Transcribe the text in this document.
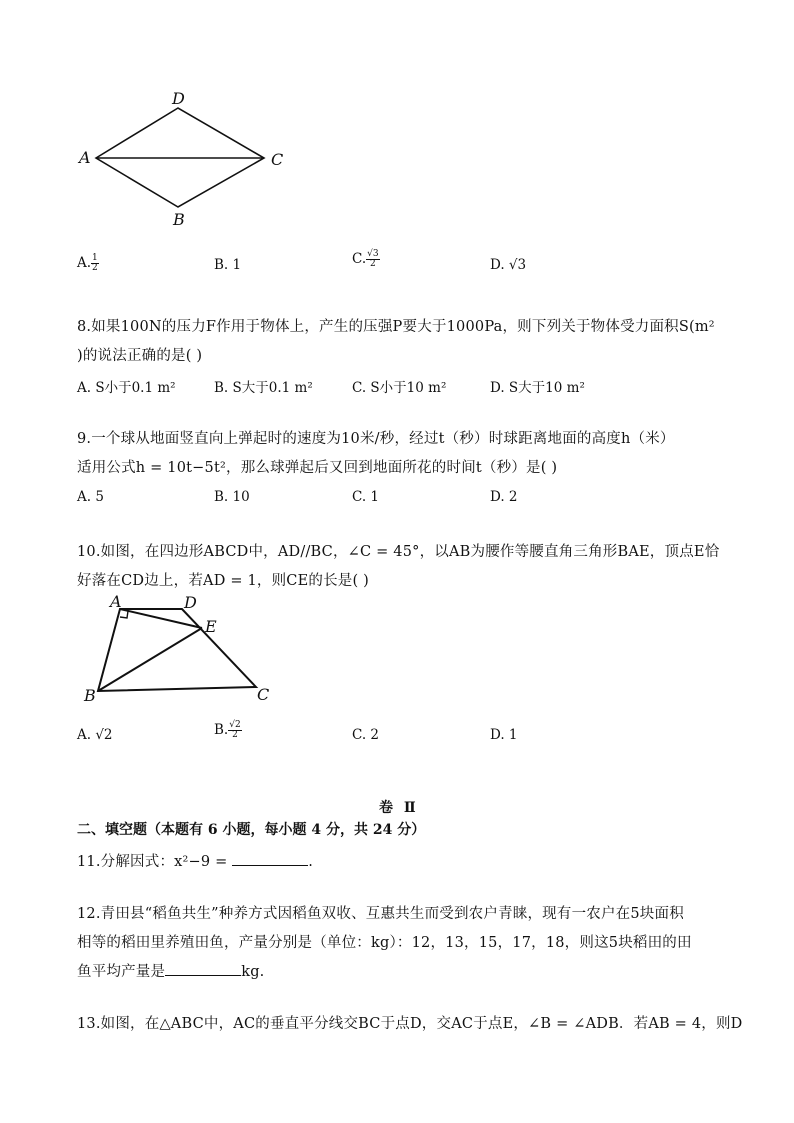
D
A	C
B
A. $\frac{1}{2}$	B. 1	C. $\frac{√3}{2}$	D. √3
8.如果100N的压力F作用于物体上，产生的压强P要大于1000Pa，则下列关于物体受力面积S(m²
)的说法正确的是( )
A. S小于0.1 m²	B. S大于0.1 m²	C. S小于10 m²	D. S大于10 m²
9.一个球从地面竖直向上弹起时的速度为10米/秒，经过t（秒）时球距离地面的高度h（米）
适用公式h = 10t−5t²，那么球弹起后又回到地面所花的时间t（秒）是( )
A. 5	B. 10	C. 1	D. 2
10.如图，在四边形ABCD中，AD//BC，∠C = 45°，以AB为腰作等腰直角三角形BAE，顶点E恰
好落在CD边上，若AD = 1，则CE的长是( )
A	D
E
B	C
A. √2	B. $\frac{√2}{2}$	C. 2	D. 1
卷 Ⅱ
二、填空题（本题有 6 小题，每小题 4 分，共 24 分）
11.分解因式：x²−9 =	.
12.青田县“稻鱼共生”种养方式因稻鱼双收、互惠共生而受到农户青睐，现有一农户在5块面积
相等的稻田里养殖田鱼，产量分别是（单位：kg）：12，13，15，17，18，则这5块稻田的田
鱼平均产量是	kg.
13.如图，在△ABC中，AC的垂直平分线交BC于点D，交AC于点E，∠B = ∠ADB．若AB = 4，则D
